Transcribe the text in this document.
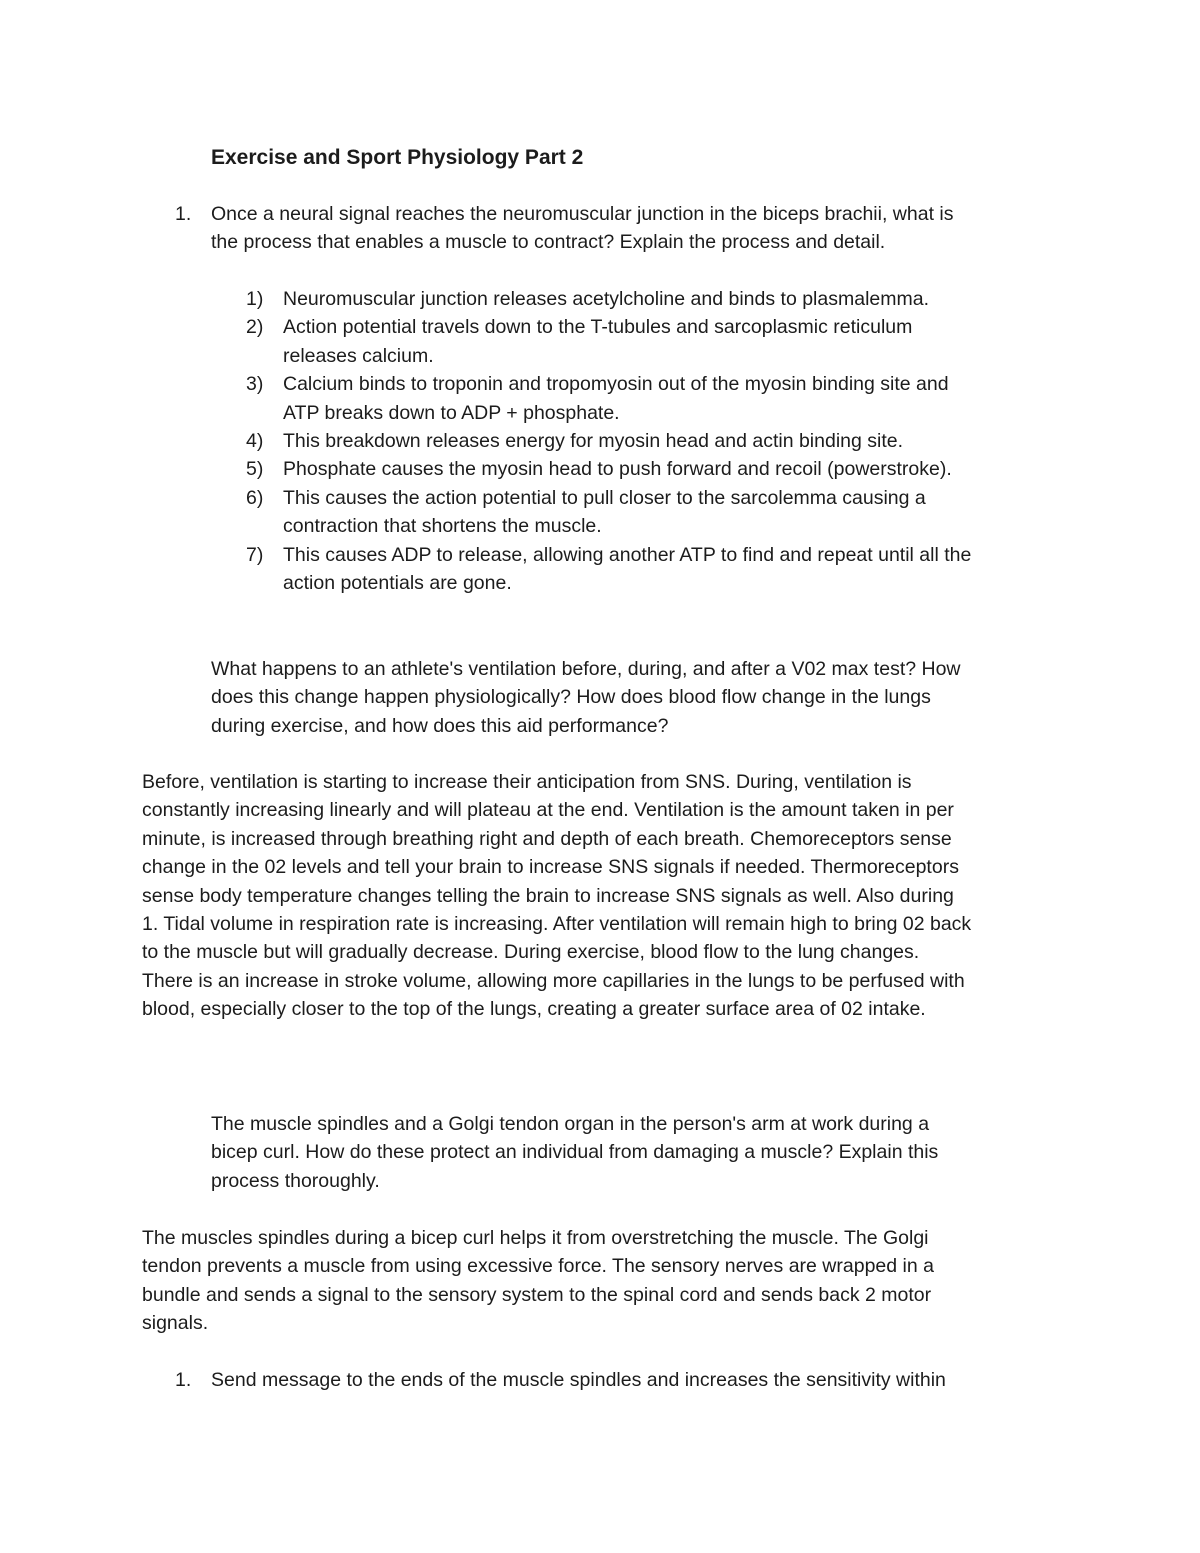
Exercise and Sport Physiology Part 2
1.	Once a neural signal reaches the neuromuscular junction in the biceps brachii, what is
the process that enables a muscle to contract? Explain the process and detail.
1) Neuromuscular junction releases acetylcholine and binds to plasmalemma.
2) Action potential travels down to the T-tubules and sarcoplasmic reticulum
releases calcium.
3) Calcium binds to troponin and tropomyosin out of the myosin binding site and
ATP breaks down to ADP + phosphate.
4) This breakdown releases energy for myosin head and actin binding site.
5) Phosphate causes the myosin head to push forward and recoil (powerstroke).
6) This causes the action potential to pull closer to the sarcolemma causing a
contraction that shortens the muscle.
7) This causes ADP to release, allowing another ATP to find and repeat until all the
action potentials are gone.
What happens to an athlete's ventilation before, during, and after a V02 max test? How
does this change happen physiologically? How does blood flow change in the lungs
during exercise, and how does this aid performance?
Before, ventilation is starting to increase their anticipation from SNS. During, ventilation is
constantly increasing linearly and will plateau at the end. Ventilation is the amount taken in per
minute, is increased through breathing right and depth of each breath. Chemoreceptors sense
change in the 02 levels and tell your brain to increase SNS signals if needed. Thermoreceptors
sense body temperature changes telling the brain to increase SNS signals as well. Also during
1. Tidal volume in respiration rate is increasing. After ventilation will remain high to bring 02 back
to the muscle but will gradually decrease. During exercise, blood flow to the lung changes.
There is an increase in stroke volume, allowing more capillaries in the lungs to be perfused with
blood, especially closer to the top of the lungs, creating a greater surface area of 02 intake.
The muscle spindles and a Golgi tendon organ in the person's arm at work during a
bicep curl. How do these protect an individual from damaging a muscle? Explain this
process thoroughly.
The muscles spindles during a bicep curl helps it from overstretching the muscle. The Golgi
tendon prevents a muscle from using excessive force. The sensory nerves are wrapped in a
bundle and sends a signal to the sensory system to the spinal cord and sends back 2 motor
signals.
1.	Send message to the ends of the muscle spindles and increases the sensitivity within
